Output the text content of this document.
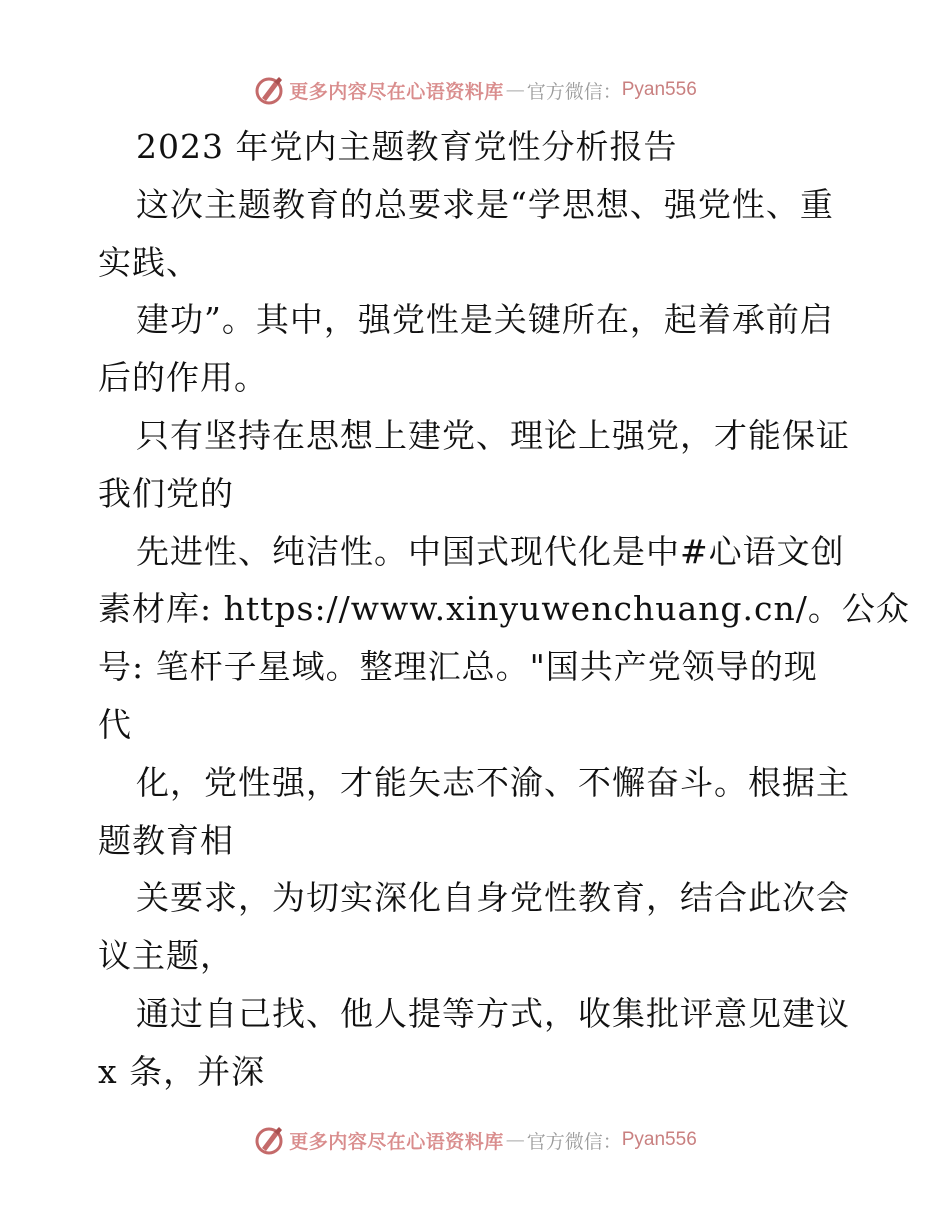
更多内容尽在心语资料库 — 官方微信： Pyan556
2023 年党内主题教育党性分析报告
这次主题教育的总要求是“学思想、强党性、重
实践、
建功”。其中，强党性是关键所在，起着承前启
后的作用。
只有坚持在思想上建党、理论上强党，才能保证
我们党的
先进性、纯洁性。中国式现代化是中#心语文创
素材库: https://www.xinyuwenchuang.cn/。公众
号: 笔杆子星域。整理汇总。"国共产党领导的现
代
化，党性强，才能矢志不渝、不懈奋斗。根据主
题教育相
关要求，为切实深化自身党性教育，结合此次会
议主题，
通过自己找、他人提等方式，收集批评意见建议
x 条，并深
更多内容尽在心语资料库 — 官方微信： Pyan556
